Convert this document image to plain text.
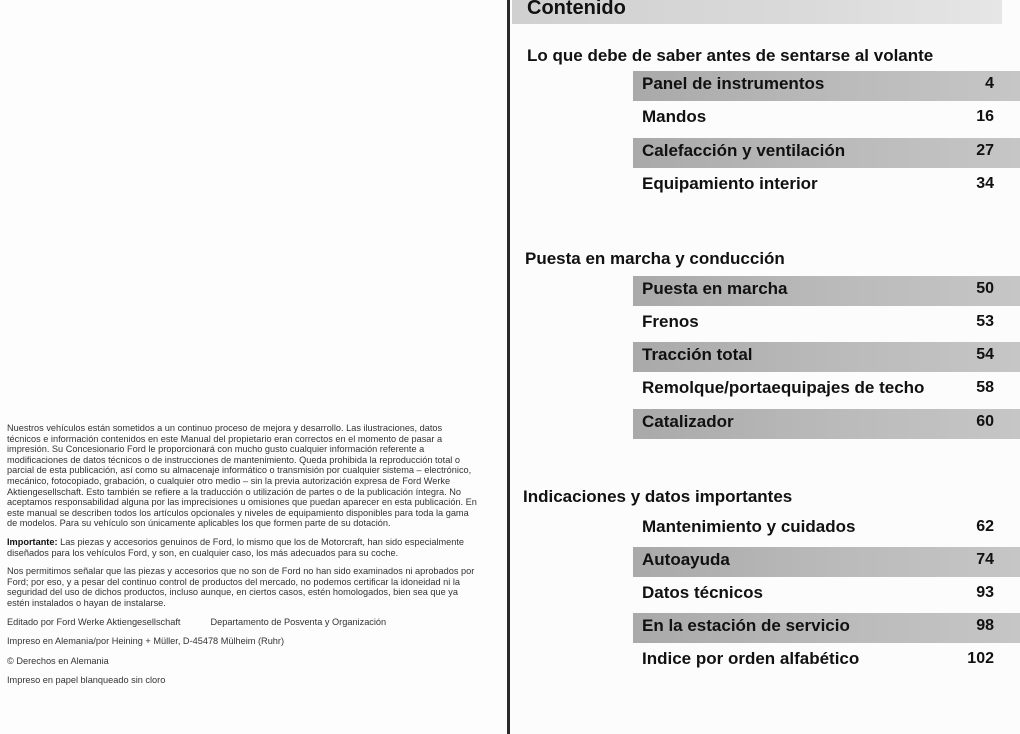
Nuestros vehículos están sometidos a un continuo proceso de mejora y desarrollo. Las ilustraciones, datos técnicos e información contenidos en este Manual del propietario eran correctos en el momento de pasar a impresión. Su Concesionario Ford le proporcionará con mucho gusto cualquier información referente a modificaciones de datos técnicos o de instrucciones de mantenimiento. Queda prohibida la reproducción total o parcial de esta publicación, así como su almacenaje informático o transmisión por cualquier sistema – electrónico, mecánico, fotocopiado, grabación, o cualquier otro medio – sin la previa autorización expresa de Ford Werke Aktiengesellschaft. Esto también se refiere a la traducción o utilización de partes o de la publicación íntegra. No aceptamos responsabilidad alguna por las imprecisiones u omisiones que puedan aparecer en esta publicación. En este manual se describen todos los artículos opcionales y niveles de equipamiento disponibles para toda la gama de modelos. Para su vehículo son únicamente aplicables los que formen parte de su dotación.

Importante: Las piezas y accesorios genuinos de Ford, lo mismo que los de Motorcraft, han sido especialmente diseñados para los vehículos Ford, y son, en cualquier caso, los más adecuados para su coche.

Nos permitimos señalar que las piezas y accesorios que no son de Ford no han sido examinados ni aprobados por Ford; por eso, y a pesar del continuo control de productos del mercado, no podemos certificar la idoneidad ni la seguridad del uso de dichos productos, incluso aunque, en ciertos casos, estén homologados, bien sea que ya estén instalados o hayan de instalarse.

Editado por Ford Werke Aktiengesellschaft	Departamento de Posventa y Organización

Impreso en Alemania/por Heining + Müller, D-45478 Mülheim (Ruhr)

© Derechos en Alemania

Impreso en papel blanqueado sin cloro

Contenido
Lo que debe de saber antes de sentarse al volante
Panel de instrumentos	4
Mandos	16
Calefacción y ventilación	27
Equipamiento interior	34
Puesta en marcha y conducción
Puesta en marcha	50
Frenos	53
Tracción total	54
Remolque/portaequipajes de techo	58
Catalizador	60
Indicaciones y datos importantes
Mantenimiento y cuidados	62
Autoayuda	74
Datos técnicos	93
En la estación de servicio	98
Indice por orden alfabético	102
